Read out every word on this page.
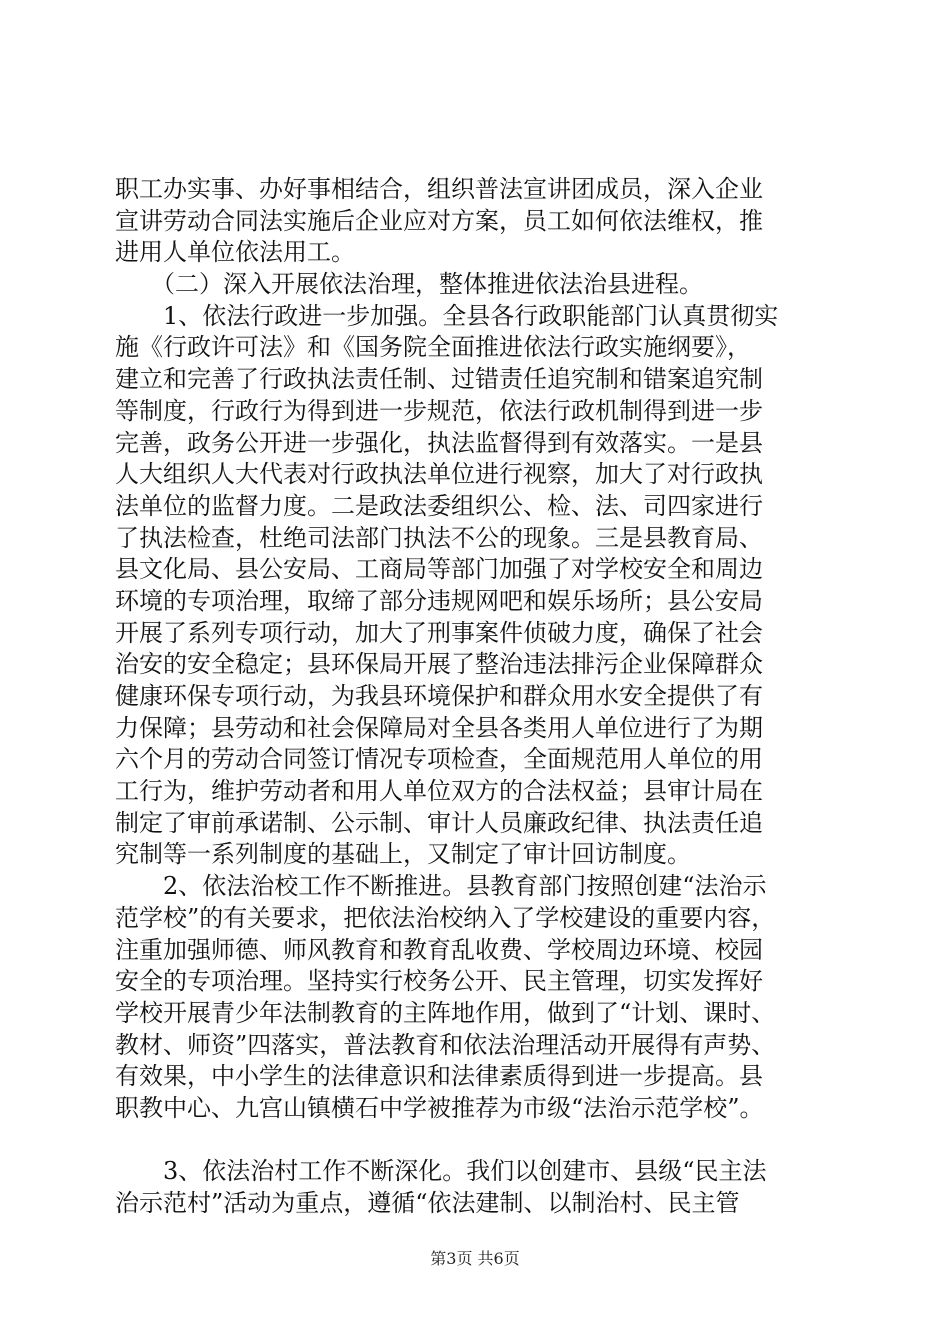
职工办实事、办好事相结合，组织普法宣讲团成员，深入企业
宣讲劳动合同法实施后企业应对方案，员工如何依法维权，推
进用人单位依法用工。
　　（二）深入开展依法治理，整体推进依法治县进程。
　　1、依法行政进一步加强。全县各行政职能部门认真贯彻实
施《行政许可法》和《国务院全面推进依法行政实施纲要》，
建立和完善了行政执法责任制、过错责任追究制和错案追究制
等制度，行政行为得到进一步规范，依法行政机制得到进一步
完善，政务公开进一步强化，执法监督得到有效落实。一是县
人大组织人大代表对行政执法单位进行视察，加大了对行政执
法单位的监督力度。二是政法委组织公、检、法、司四家进行
了执法检查，杜绝司法部门执法不公的现象。三是县教育局、
县文化局、县公安局、工商局等部门加强了对学校安全和周边
环境的专项治理，取缔了部分违规网吧和娱乐场所；县公安局
开展了系列专项行动，加大了刑事案件侦破力度，确保了社会
治安的安全稳定；县环保局开展了整治违法排污企业保障群众
健康环保专项行动，为我县环境保护和群众用水安全提供了有
力保障；县劳动和社会保障局对全县各类用人单位进行了为期
六个月的劳动合同签订情况专项检查，全面规范用人单位的用
工行为，维护劳动者和用人单位双方的合法权益；县审计局在
制定了审前承诺制、公示制、审计人员廉政纪律、执法责任追
究制等一系列制度的基础上，又制定了审计回访制度。
　　2、依法治校工作不断推进。县教育部门按照创建“法治示
范学校”的有关要求，把依法治校纳入了学校建设的重要内容，
注重加强师德、师风教育和教育乱收费、学校周边环境、校园
安全的专项治理。坚持实行校务公开、民主管理，切实发挥好
学校开展青少年法制教育的主阵地作用，做到了“计划、课时、
教材、师资”四落实，普法教育和依法治理活动开展得有声势、
有效果，中小学生的法律意识和法律素质得到进一步提高。县
职教中心、九宫山镇横石中学被推荐为市级“法治示范学校”。
　　3、依法治村工作不断深化。我们以创建市、县级“民主法
治示范村”活动为重点，遵循“依法建制、以制治村、民主管
第3页 共6页
